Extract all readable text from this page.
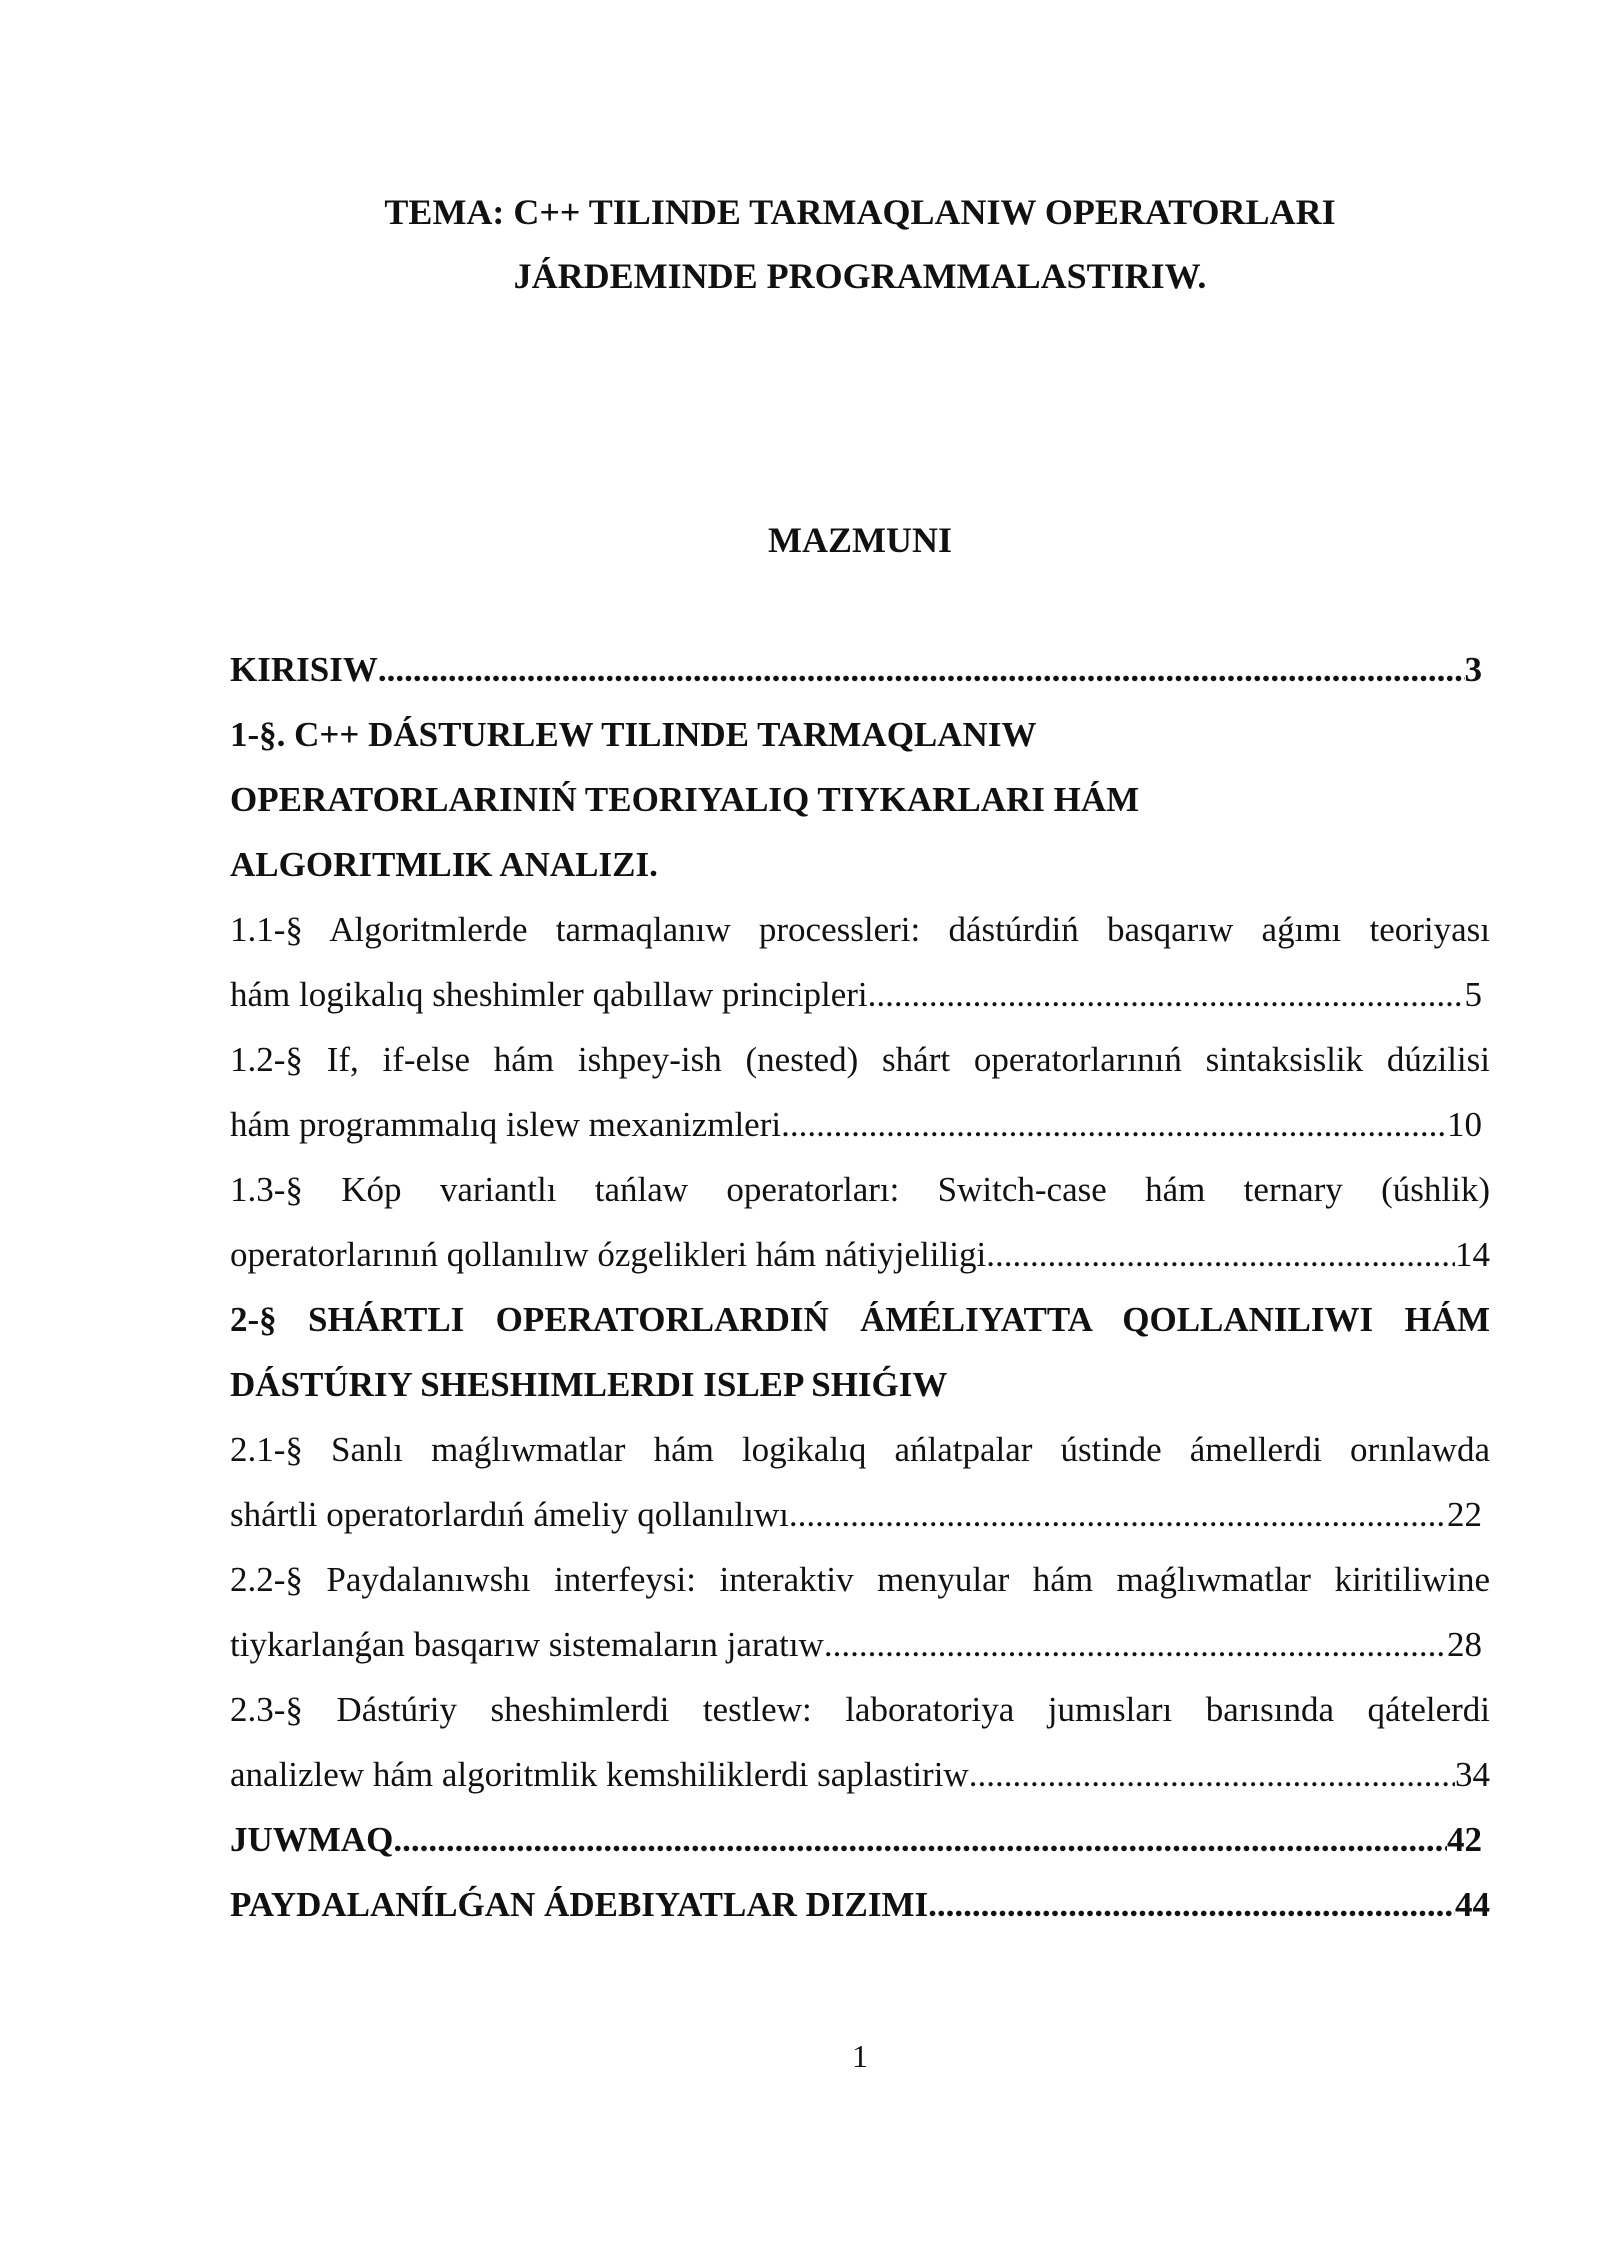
TEMA: C++ TILINDE TARMAQLANIW OPERATORLARI
JÁRDEMINDE PROGRAMMALASTIRIW.
MAZMUNI
KIRISIW .....	3
1-§. C++ DÁSTURLEW TILINDE TARMAQLANIW
OPERATORLARINIŃ TEORIYALIQ TIYKARLARI HÁM
ALGORITMLIK ANALIZI.
1.1-§ Algoritmlerde tarmaqlanıw processleri: dástúrdiń basqarıw aǵımı teoriyası
hám logikalıq sheshimler qabıllaw principleri .....	5
1.2-§ If, if-else hám ishpey-ish (nested) shárt operatorlarınıń sintaksislik dúzilisi
hám programmalıq islew mexanizmleri .....	10
1.3-§ Kóp variantlı tańlaw operatorları: Switch-case hám ternary (úshlik)
operatorlarınıń qollanılıw ózgelikleri hám nátiyjeliligi .....	14
2-§ SHÁRTLI OPERATORLARDIŃ ÁMÉLIYATTA QOLLANILIWI HÁM
DÁSTÚRIY SHESHIMLERDI ISLEP SHIǴIW
2.1-§ Sanlı maǵlıwmatlar hám logikalıq ańlatpalar ústinde ámellerdi orınlawda
shártli operatorlardıń ámeliy qollanılıwı .....	22
2.2-§ Paydalanıwshı interfeysi: interaktiv menyular hám maǵlıwmatlar kiritiliwine
tiykarlanǵan basqarıw sistemaların jaratıw .....	28
2.3-§ Dástúriy sheshimlerdi testlew: laboratoriya jumısları barısında qátelerdi
analizlew hám algoritmlik kemshiliklerdi saplastiriw .....	34
JUWMAQ .....	42
PAYDALANÍLǴAN ÁDEBIYATLAR DIZIMI .....	44
1
